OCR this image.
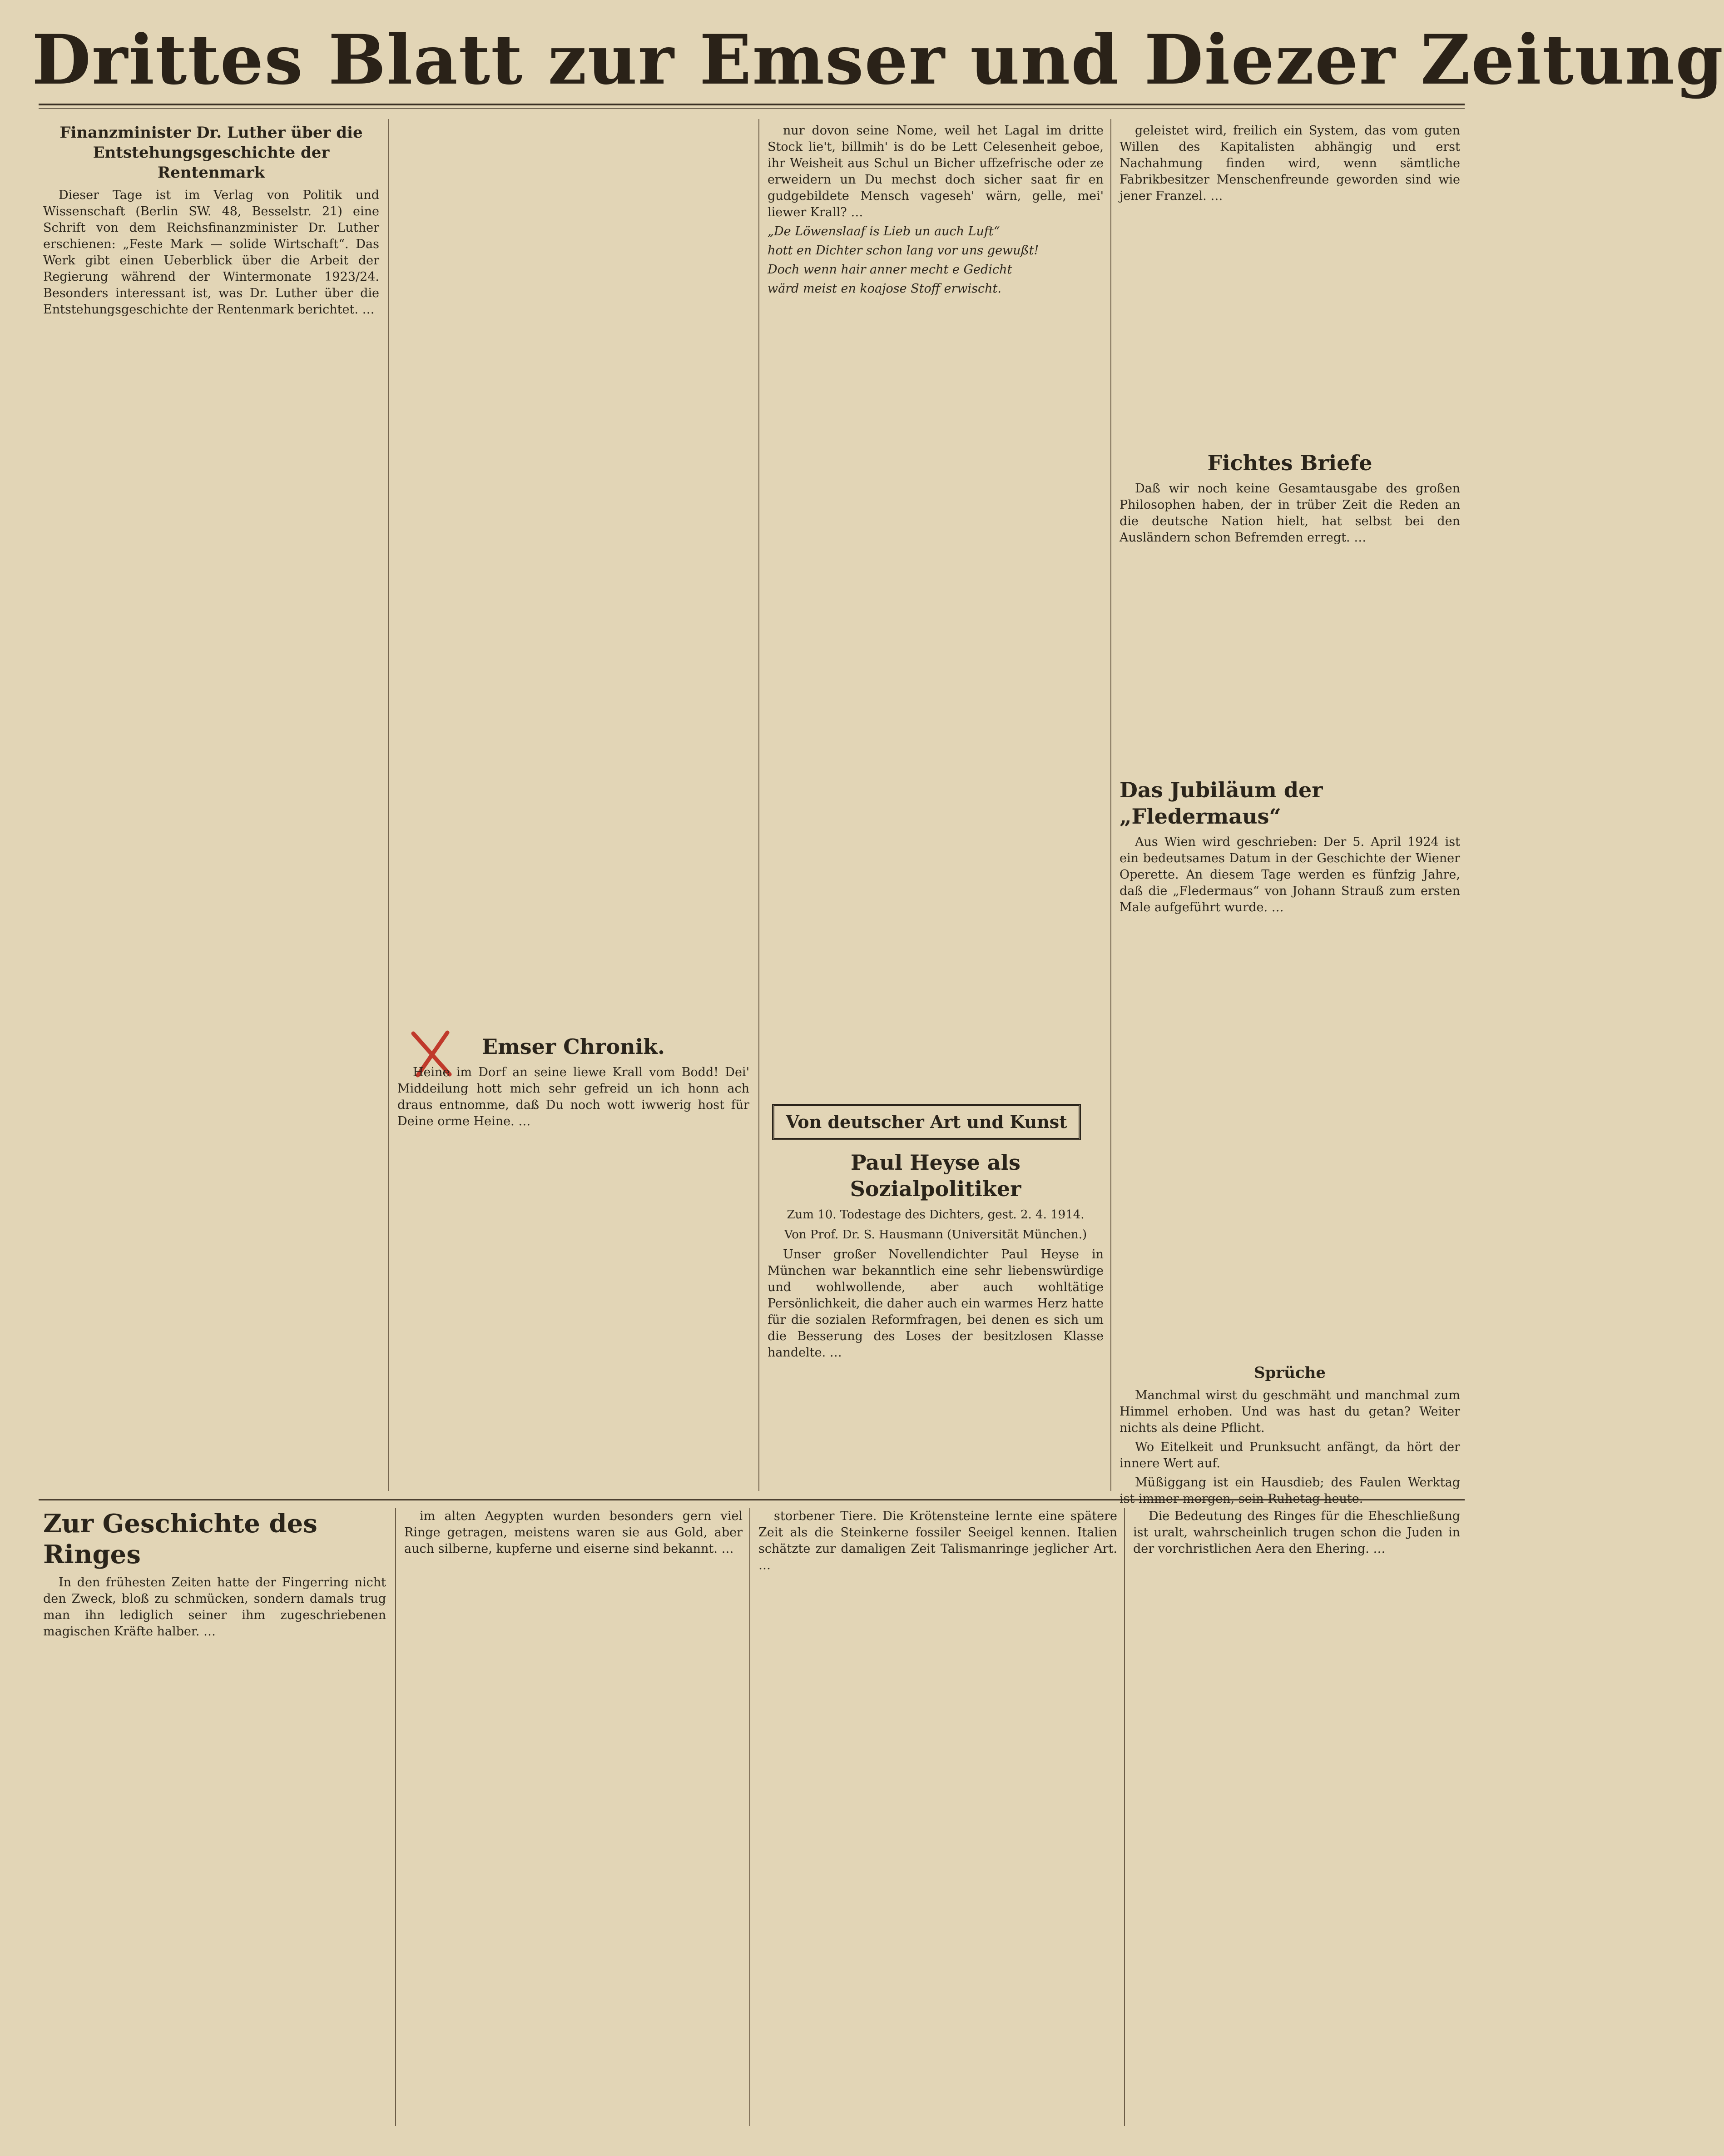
Drittes Blatt zur Emser und Diezer Zeitung
Finanzminister Dr. Luther über die Entstehungsgeschichte der Rentenmark

Dieser Tage ist im Verlag von Politik und Wissenschaft (Berlin SW. 48, Besselstr. 21) eine Schrift von dem Reichsfinanzminister Dr. Luther erschienen: „Feste Mark — solide Wirtschaft“. Das Werk gibt einen Ueberblick über die Arbeit der Regierung während der Wintermonate 1923/24. Besonders interessant ist, was Dr. Luther über die Entstehungsgeschichte der Rentenmark berichtet. …

Emser Chronik.

Heine im Dorf an seine liewe Krall vom Bodd! Dei' Middeilung hott mich sehr gefreid un ich honn ach draus entnomme, daß Du noch wott iwwerig host für Deine orme Heine. …

nur dovon seine Nome, weil het Lagal im dritte Stock lie't, billmih' is do be Lett Celesenheit geboe, ihr Weisheit aus Schul un Bicher uffzefrische oder ze erweidern un Du mechst doch sicher saat fir en gudgebildete Mensch vageseh' wärn, gelle, mei' liewer Krall? …

„De Löwenslaaf is Lieb un auch Luft“

hott en Dichter schon lang vor uns gewußt!

Doch wenn hair anner mecht e Gedicht

wärd meist en koajose Stoff erwischt.

Von deutscher Art und Kunst
Paul Heyse als Sozialpolitiker
Zum 10. Todestage des Dichters, gest. 2. 4. 1914.
Von Prof. Dr. S. Hausmann (Universität München.)

Unser großer Novellendichter Paul Heyse in München war bekanntlich eine sehr liebenswürdige und wohlwollende, aber auch wohltätige Persönlichkeit, die daher auch ein warmes Herz hatte für die sozialen Reformfragen, bei denen es sich um die Besserung des Loses der besitzlosen Klasse handelte. …

geleistet wird, freilich ein System, das vom guten Willen des Kapitalisten abhängig und erst Nachahmung finden wird, wenn sämtliche Fabrikbesitzer Menschenfreunde geworden sind wie jener Franzel. …

Fichtes Briefe

Daß wir noch keine Gesamtausgabe des großen Philosophen haben, der in trüber Zeit die Reden an die deutsche Nation hielt, hat selbst bei den Ausländern schon Befremden erregt. …

Das Jubiläum der „Fledermaus“

Aus Wien wird geschrieben: Der 5. April 1924 ist ein bedeutsames Datum in der Geschichte der Wiener Operette. An diesem Tage werden es fünfzig Jahre, daß die „Fledermaus“ von Johann Strauß zum ersten Male aufgeführt wurde. …

Sprüche

Manchmal wirst du geschmäht und manchmal zum Himmel erhoben. Und was hast du getan? Weiter nichts als deine Pflicht.

Wo Eitelkeit und Prunksucht anfängt, da hört der innere Wert auf.

Müßiggang ist ein Hausdieb; des Faulen Werktag ist immer morgen, sein Ruhetag heute.

Zur Geschichte des Ringes

In den frühesten Zeiten hatte der Fingerring nicht den Zweck, bloß zu schmücken, sondern damals trug man ihn lediglich seiner ihm zugeschriebenen magischen Kräfte halber. …

im alten Aegypten wurden besonders gern viel Ringe getragen, meistens waren sie aus Gold, aber auch silberne, kupferne und eiserne sind bekannt. …

storbener Tiere. Die Krötensteine lernte eine spätere Zeit als die Steinkerne fossiler Seeigel kennen. Italien schätzte zur damaligen Zeit Talismanringe jeglicher Art. …

Die Bedeutung des Ringes für die Eheschließung ist uralt, wahrscheinlich trugen schon die Juden in der vorchristlichen Aera den Ehering. …
